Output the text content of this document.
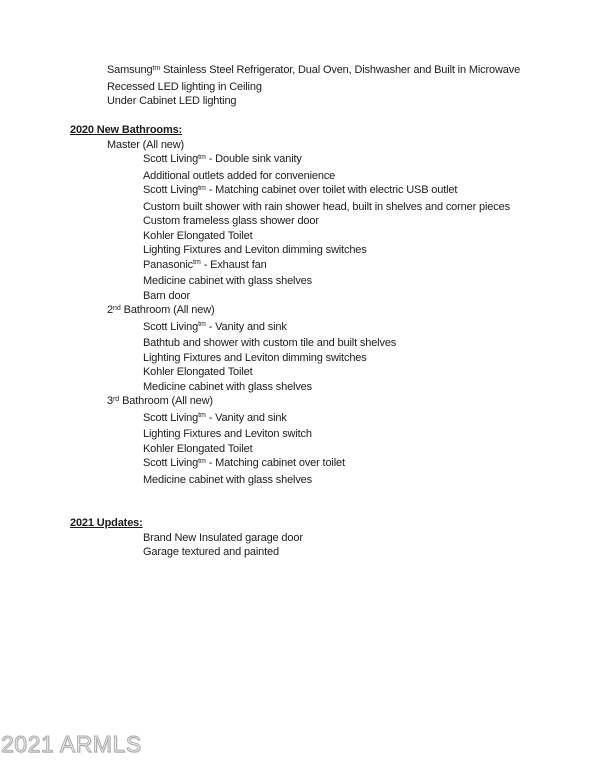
Samsung$^{tm}$ Stainless Steel Refrigerator, Dual Oven, Dishwasher and Built in Microwave
Recessed LED lighting in Ceiling
Under Cabinet LED lighting

2020 New Bathrooms:
Master (All new)
Scott Living$^{tm}$ - Double sink vanity
Additional outlets added for convenience
Scott Living$^{tm}$ - Matching cabinet over toilet with electric USB outlet
Custom built shower with rain shower head, built in shelves and corner pieces
Custom frameless glass shower door
Kohler Elongated Toilet
Lighting Fixtures and Leviton dimming switches
Panasonic$^{tm}$ - Exhaust fan
Medicine cabinet with glass shelves
Barn door
2nd Bathroom (All new)
Scott Living$^{tm}$ - Vanity and sink
Bathtub and shower with custom tile and built shelves
Lighting Fixtures and Leviton dimming switches
Kohler Elongated Toilet
Medicine cabinet with glass shelves
3rd Bathroom (All new)
Scott Living$^{tm}$ - Vanity and sink
Lighting Fixtures and Leviton switch
Kohler Elongated Toilet
Scott Living$^{tm}$ - Matching cabinet over toilet
Medicine cabinet with glass shelves

2021 Updates:
Brand New Insulated garage door
Garage textured and painted
2021 ARMLS
